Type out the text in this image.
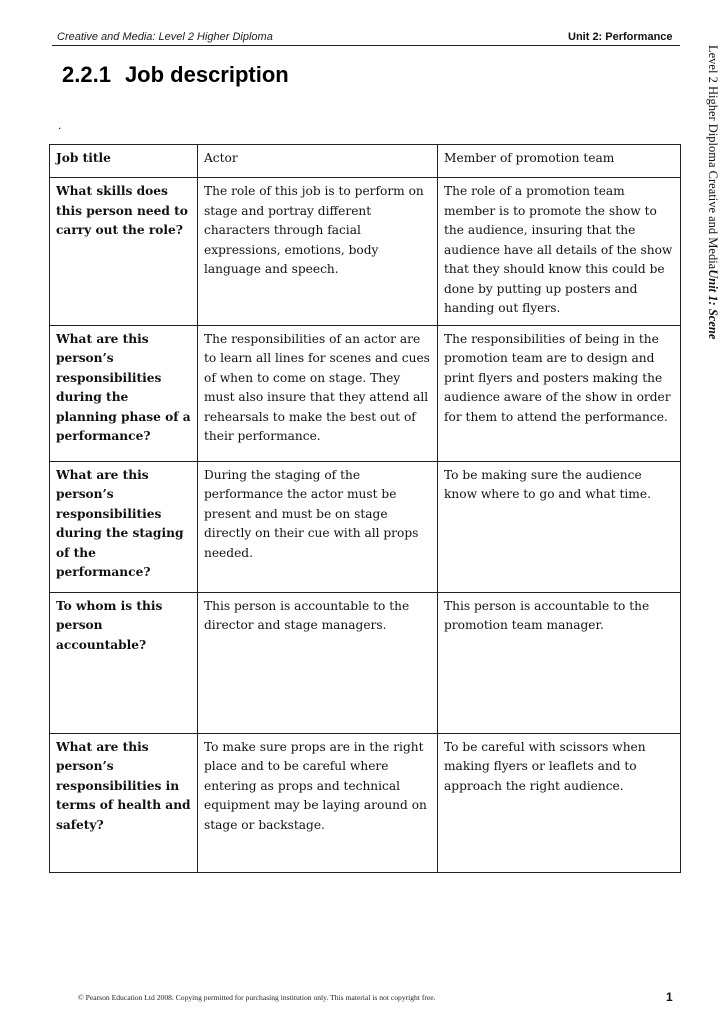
Creative and Media: Level 2 Higher Diploma	Unit 2: Performance
Level 2 Higher Diploma Creative and MediaUnit 1: Scene
2.2.1 Job description
.
Job title	Actor	Member of promotion team
What skills does this person need to carry out the role?	The role of this job is to perform on stage and portray different characters through facial expressions, emotions, body language and speech.	The role of a promotion team member is to promote the show to the audience, insuring that the audience have all details of the show that they should know this could be done by putting up posters and handing out flyers.
What are this person’s responsibilities during the planning phase of a performance?	The responsibilities of an actor are to learn all lines for scenes and cues of when to come on stage. They must also insure that they attend all rehearsals to make the best out of their performance.	The responsibilities of being in the promotion team are to design and print flyers and posters making the audience aware of the show in order for them to attend the performance.
What are this person’s responsibilities during the staging of the performance?	During the staging of the performance the actor must be present and must be on stage directly on their cue with all props needed.	To be making sure the audience know where to go and what time.
To whom is this person accountable?	This person is accountable to the director and stage managers.	This person is accountable to the promotion team manager.
What are this person’s responsibilities in terms of health and safety?	To make sure props are in the right place and to be careful where entering as props and technical equipment may be laying around on stage or backstage.	To be careful with scissors when making flyers or leaflets and to approach the right audience.
© Pearson Education Ltd 2008. Copying permitted for purchasing institution only. This material is not copyright free.	1
